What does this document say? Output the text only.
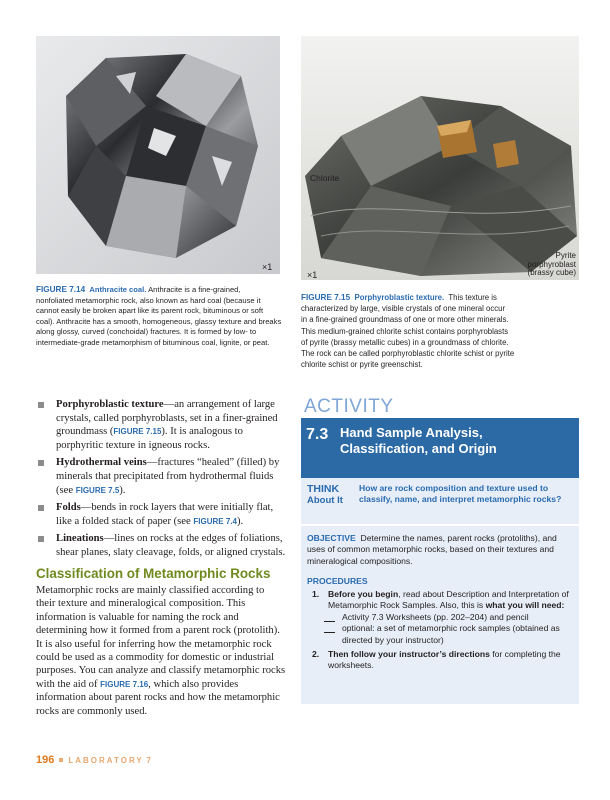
×1
FIGURE 7.14 Anthracite coal. Anthracite is a fine-grained,
nonfoliated metamorphic rock, also known as hard coal (because it
cannot easily be broken apart like its parent rock, bituminous or soft
coal). Anthracite has a smooth, homogeneous, glassy texture and breaks
along glossy, curved (conchoidal) fractures. It is formed by low- to
intermediate-grade metamorphism of bituminous coal, lignite, or peat.
Chlorite
Pyrite
porphyroblast
(brassy cube)
×1
FIGURE 7.15 Porphyroblastic texture. This texture is
characterized by large, visible crystals of one mineral occur
in a fine-grained groundmass of one or more other minerals.
This medium-grained chlorite schist contains porphyroblasts
of pyrite (brassy metallic cubes) in a groundmass of chlorite.
The rock can be called porphyroblastic chlorite schist or pyrite
chlorite schist or pyrite greenschist.
Porphyroblastic texture—an arrangement of large crystals, called porphyroblasts, set in a finer-grained groundmass (FIGURE 7.15). It is analogous to porphyritic texture in igneous rocks.
Hydrothermal veins—fractures “healed” (filled) by minerals that precipitated from hydrothermal fluids (see FIGURE 7.5).
Folds—bends in rock layers that were initially flat, like a folded stack of paper (see FIGURE 7.4).
Lineations—lines on rocks at the edges of foliations, shear planes, slaty cleavage, folds, or aligned crystals.
Classification of Metamorphic Rocks
Metamorphic rocks are mainly classified according to their texture and mineralogical composition. This information is valuable for naming the rock and determining how it formed from a parent rock (protolith). It is also useful for inferring how the metamorphic rock could be used as a commodity for domestic or industrial purposes. You can analyze and classify metamorphic rocks with the aid of FIGURE 7.16, which also provides information about parent rocks and how the metamorphic rocks are commonly used.
ACTIVITY
7.3 Hand Sample Analysis, Classification, and Origin
THINK
About It
How are rock composition and texture used to classify, name, and interpret metamorphic rocks?
OBJECTIVE Determine the names, parent rocks (protoliths), and uses of common metamorphic rocks, based on their textures and mineralogical compositions.
PROCEDURES
1. Before you begin, read about Description and Interpretation of Metamorphic Rock Samples. Also, this is what you will need:
Activity 7.3 Worksheets (pp. 202–204) and pencil
optional: a set of metamorphic rock samples (obtained as directed by your instructor)
2. Then follow your instructor’s directions for completing the worksheets.
196 LABORATORY 7
